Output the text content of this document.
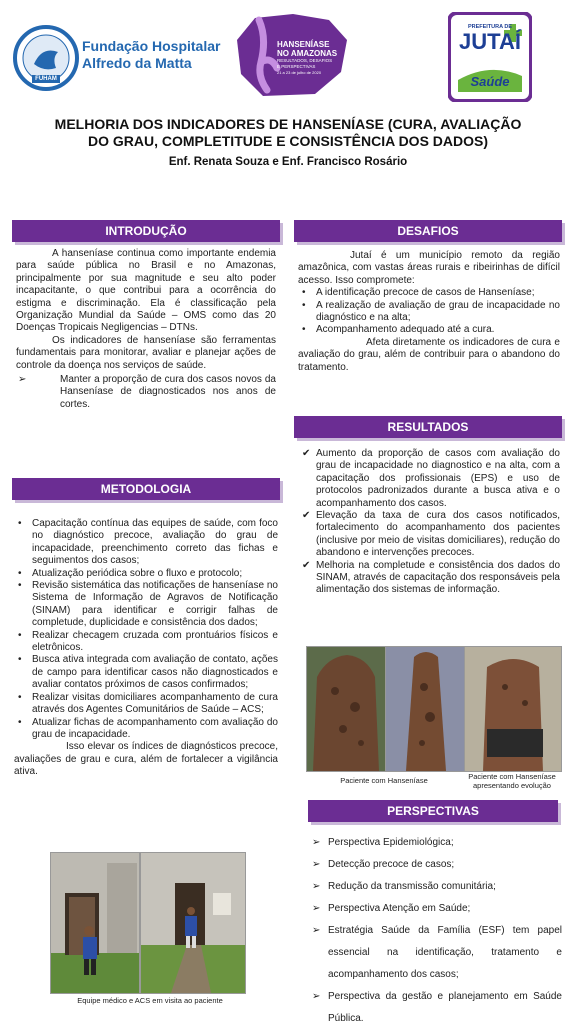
FUHAM
Fundação Hospitalar
Alfredo da Matta
HANSENÍASE
NO AMAZONAS
RESULTADOS, DESAFIOS
E PERSPECTIVAS
21 a 23 de julho de 2020
PREFEITURA DE
JUTAÍ
Saúde
MELHORIA DOS INDICADORES DE HANSENÍASE (CURA, AVALIAÇÃO
DO GRAU, COMPLETITUDE E CONSISTÊNCIA DOS DADOS)
Enf. Renata Souza e Enf. Francisco Rosário
INTRODUÇÃO

A hanseníase continua como importante endemia para saúde pública no Brasil e no Amazonas, principalmente por sua magnitude e seu alto poder incapacitante, o que contribui para a ocorrência do estigma e discriminação. Ela é classificação pela Organização Mundial da Saúde – OMS como das 20 Doenças Tropicais Negligencias – DTNs.

Os indicadores de hanseníase são ferramentas fundamentais para monitorar, avaliar e planejar ações de controle da doença nos serviços de saúde.

➢	Manter a proporção de cura dos casos novos da Hanseníase de diagnosticados nos anos de cortes.
METODOLOGIA
• Capacitação contínua das equipes de saúde, com foco no diagnóstico precoce, avaliação do grau de incapacidade, preenchimento correto das fichas e seguimentos dos casos;
• Atualização periódica sobre o fluxo e protocolo;
• Revisão sistemática das notificações de hanseníase no Sistema de Informação de Agravos de Notificação (SINAM) para identificar e corrigir falhas de completude, duplicidade e consistência dos dados;
• Realizar checagem cruzada com prontuários físicos e eletrônicos.
• Busca ativa integrada com avaliação de contato, ações de campo para identificar casos não diagnosticados e avaliar contatos próximos de casos confirmados;
• Realizar visitas domiciliares acompanhamento de cura através dos Agentes Comunitários de Saúde – ACS;
• Atualizar fichas de acompanhamento com avaliação do grau de incapacidade.

Isso elevar os índices de diagnósticos precoce, avaliações de grau e cura, além de fortalecer a vigilância ativa.

Equipe médico e ACS em visita ao paciente
DESAFIOS

Jutaí é um município remoto da região amazônica, com vastas áreas rurais e ribeirinhas de difícil acesso. Isso compromete:

• A identificação precoce de casos de Hanseníase;
• A realização de avaliação de grau de incapacidade no diagnóstico e na alta;
• Acompanhamento adequado até a cura.

Afeta diretamente os indicadores de cura e avaliação do grau, além de contribuir para o abandono do tratamento.

RESULTADOS
✔ Aumento da proporção de casos com avaliação do grau de incapacidade no diagnostico e na alta, com a capacitação dos profissionais (EPS) e uso de protocolos padronizados durante a busca ativa e o acompanhamento dos casos.
✔ Elevação da taxa de cura dos casos notificados, fortalecimento do acompanhamento dos pacientes (inclusive por meio de visitas domiciliares), redução do abandono e intervenções precoces.
✔ Melhoria na completude e consistência dos dados do SINAM, através de capacitação dos responsáveis pela alimentação dos sistemas de informação.
Paciente com Hanseníase	Paciente com Hanseníase
apresentando evolução
PERSPECTIVAS
➢ Perspectiva Epidemiológica;
➢ Detecção precoce de casos;
➢ Redução da transmissão comunitária;
➢ Perspectiva Atenção em Saúde;
➢ Estratégia Saúde da Família (ESF) tem papel essencial na identificação, tratamento e acompanhamento dos casos;
➢ Perspectiva da gestão e planejamento em Saúde Pública.
